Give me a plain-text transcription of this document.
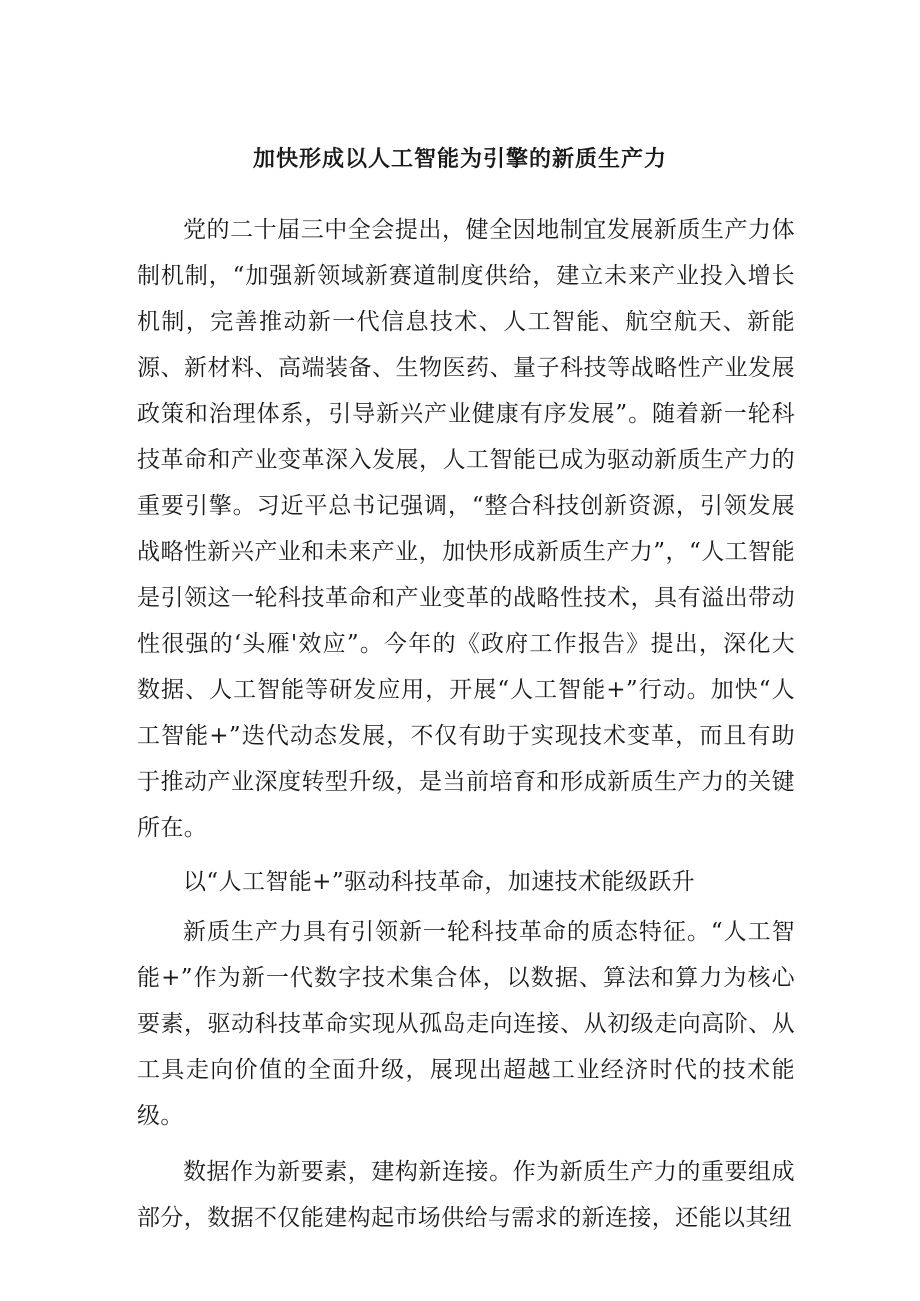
加快形成以人工智能为引擎的新质生产力

党的二十届三中全会提出，健全因地制宜发展新质生产力体制机制，“加强新领域新赛道制度供给，建立未来产业投入增长机制，完善推动新一代信息技术、人工智能、航空航天、新能源、新材料、高端装备、生物医药、量子科技等战略性产业发展政策和治理体系，引导新兴产业健康有序发展”。随着新一轮科技革命和产业变革深入发展，人工智能已成为驱动新质生产力的重要引擎。习近平总书记强调，“整合科技创新资源，引领发展战略性新兴产业和未来产业，加快形成新质生产力”，“人工智能是引领这一轮科技革命和产业变革的战略性技术，具有溢出带动性很强的‘头雁'效应”。今年的《政府工作报告》提出，深化大数据、人工智能等研发应用，开展“人工智能+”行动。加快“人工智能+”迭代动态发展，不仅有助于实现技术变革，而且有助于推动产业深度转型升级，是当前培育和形成新质生产力的关键所在。

以“人工智能+”驱动科技革命，加速技术能级跃升

新质生产力具有引领新一轮科技革命的质态特征。“人工智能+”作为新一代数字技术集合体，以数据、算法和算力为核心要素，驱动科技革命实现从孤岛走向连接、从初级走向高阶、从工具走向价值的全面升级，展现出超越工业经济时代的技术能级。

数据作为新要素，建构新连接。作为新质生产力的重要组成部分，数据不仅能建构起市场供给与需求的新连接，还能以其纽
